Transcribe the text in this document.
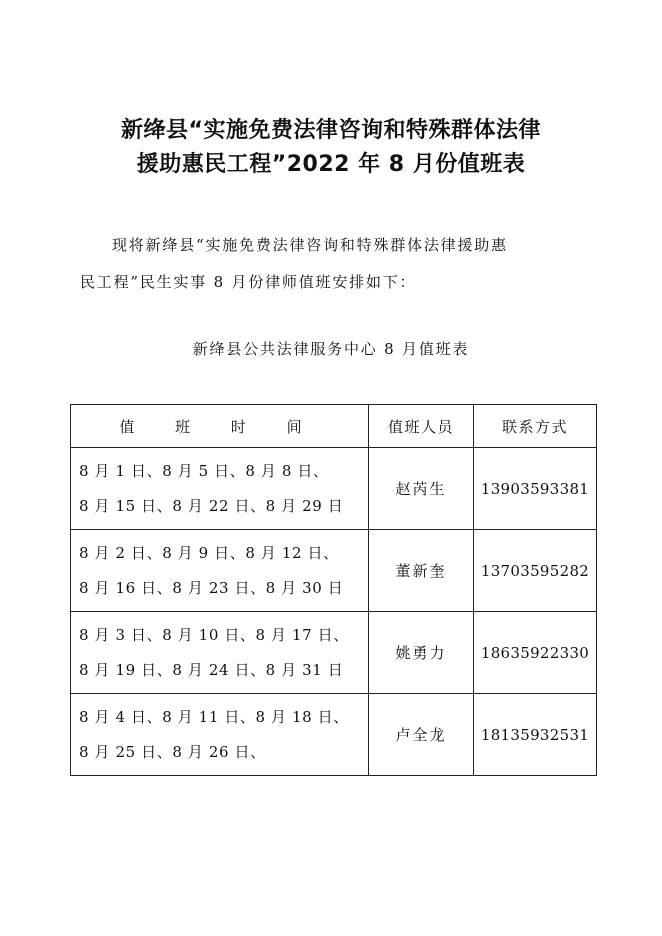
新绛县“实施免费法律咨询和特殊群体法律
援助惠民工程”2022 年 8 月份值班表
现将新绛县“实施免费法律咨询和特殊群体法律援助惠
民工程”民生实事 8 月份律师值班安排如下：
新绛县公共法律服务中心 8 月值班表
值 班 时 间	值班人员	联系方式

8 月 1 日、8 月 5 日、8 月 8 日、
8 月 15 日、8 月 22 日、8 月 29 日	赵芮生	13903593381

8 月 2 日、8 月 9 日、8 月 12 日、
8 月 16 日、8 月 23 日、8 月 30 日	董新奎	13703595282

8 月 3 日、8 月 10 日、8 月 17 日、
8 月 19 日、8 月 24 日、8 月 31 日	姚勇力	18635922330

8 月 4 日、8 月 11 日、8 月 18 日、
8 月 25 日、8 月 26 日、	卢全龙	18135932531
